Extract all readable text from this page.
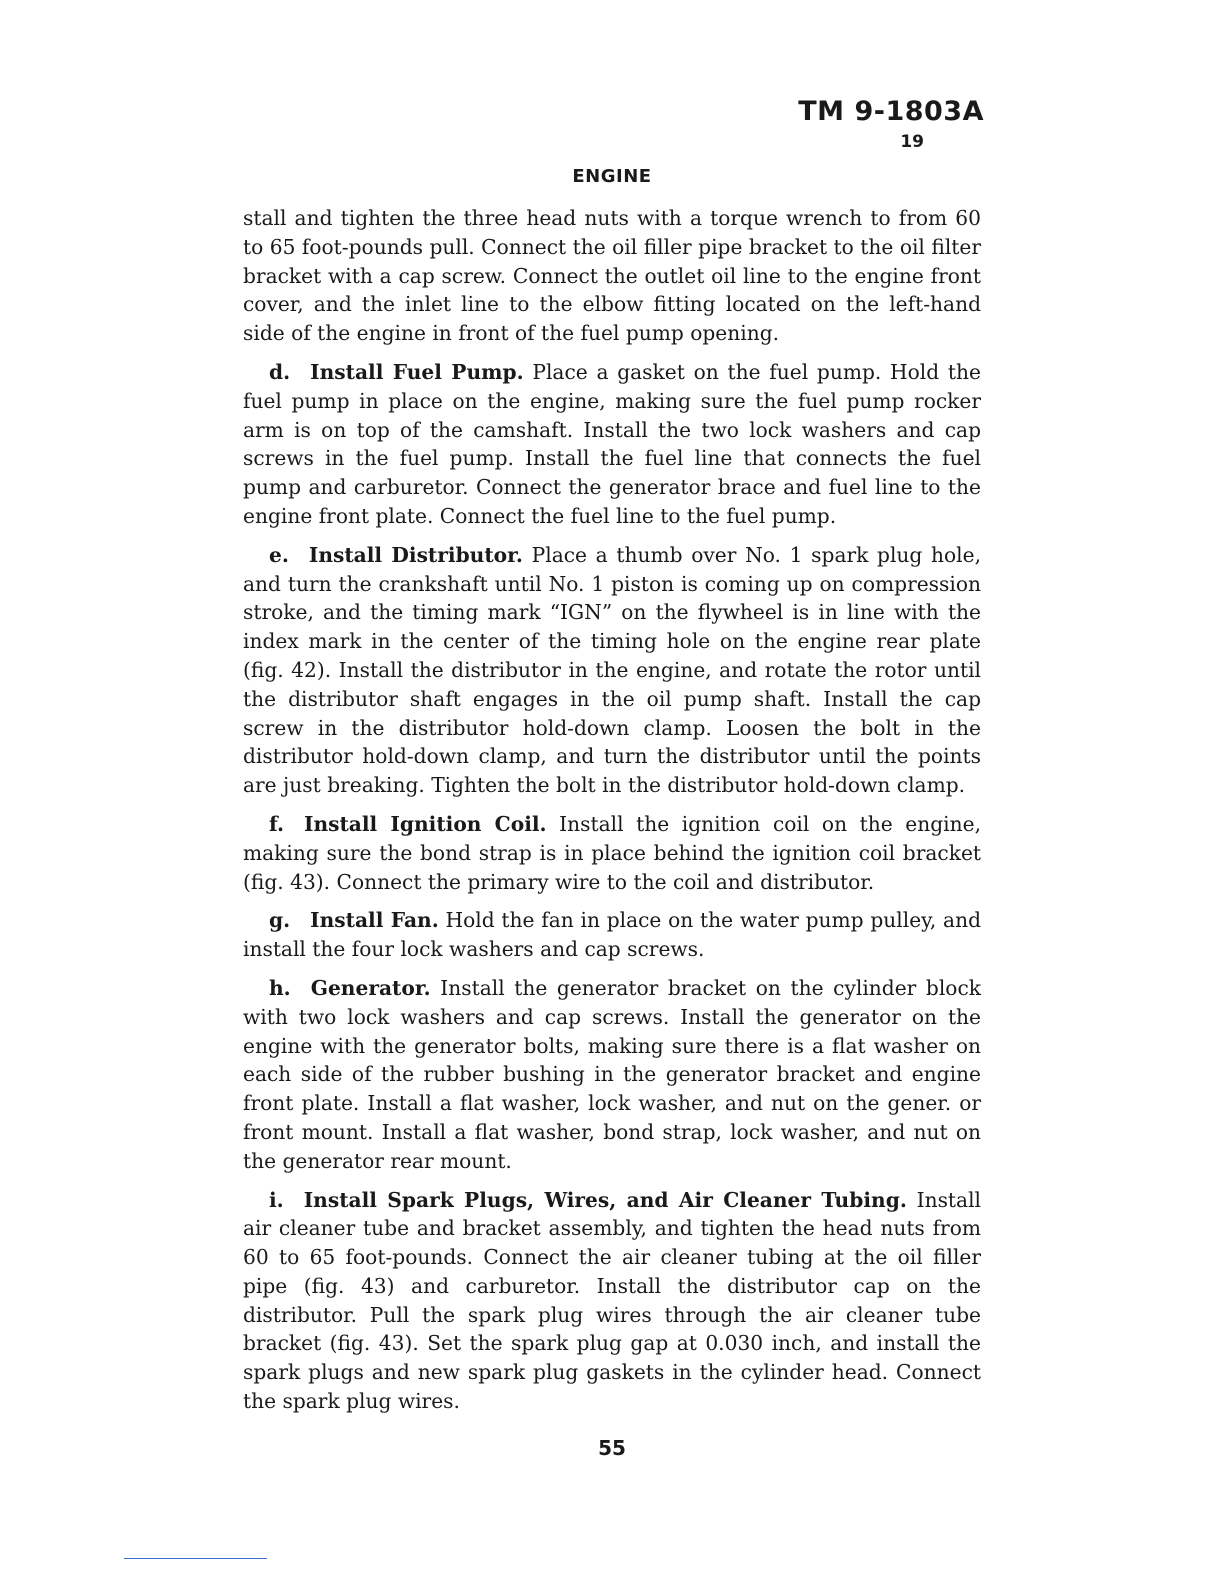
TM 9-1803A
19
ENGINE

stall and tighten the three head nuts with a torque wrench to from 60 to 65 foot-pounds pull. Connect the oil filler pipe bracket to the oil filter bracket with a cap screw. Connect the outlet oil line to the engine front cover, and the inlet line to the elbow fitting located on the left-hand side of the engine in front of the fuel pump opening.

d. Install Fuel Pump. Place a gasket on the fuel pump. Hold the fuel pump in place on the engine, making sure the fuel pump rocker arm is on top of the camshaft. Install the two lock washers and cap screws in the fuel pump. Install the fuel line that connects the fuel pump and carburetor. Connect the generator brace and fuel line to the engine front plate. Connect the fuel line to the fuel pump.

e. Install Distributor. Place a thumb over No. 1 spark plug hole, and turn the crankshaft until No. 1 piston is coming up on compression stroke, and the timing mark “IGN” on the flywheel is in line with the index mark in the center of the timing hole on the engine rear plate (fig. 42). Install the distributor in the engine, and rotate the rotor until the distributor shaft engages in the oil pump shaft. Install the cap screw in the distributor hold-down clamp. Loosen the bolt in the distributor hold-down clamp, and turn the distributor until the points are just breaking. Tighten the bolt in the distributor hold-down clamp.

f. Install Ignition Coil. Install the ignition coil on the engine, making sure the bond strap is in place behind the ignition coil bracket (fig. 43). Connect the primary wire to the coil and distributor.

g. Install Fan. Hold the fan in place on the water pump pulley, and install the four lock washers and cap screws.

h. Generator. Install the generator bracket on the cylinder block with two lock washers and cap screws. Install the generator on the engine with the generator bolts, making sure there is a flat washer on each side of the rubber bushing in the generator bracket and engine front plate. Install a flat washer, lock washer, and nut on the gener. or front mount. Install a flat washer, bond strap, lock washer, and nut on the generator rear mount.

i. Install Spark Plugs, Wires, and Air Cleaner Tubing. Install air cleaner tube and bracket assembly, and tighten the head nuts from 60 to 65 foot-pounds. Connect the air cleaner tubing at the oil filler pipe (fig. 43) and carburetor. Install the distributor cap on the distributor. Pull the spark plug wires through the air cleaner tube bracket (fig. 43). Set the spark plug gap at 0.030 inch, and install the spark plugs and new spark plug gaskets in the cylinder head. Connect the spark plug wires.

55
